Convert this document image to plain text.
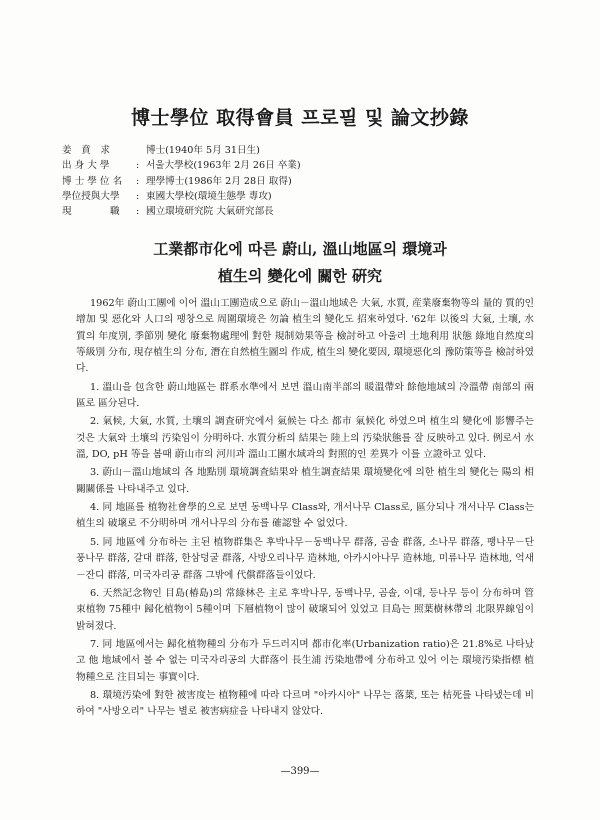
博士學位 取得會員 프로필 및 論文抄錄
姜　賁　求	博士(1940年 5月 31日生)
出 身 大 學	: 서울大學校(1963年 2月 26日 卒業)
博 士 學 位 名	: 理學博士(1986年 2月 28日 取得)
學位授與大學	: 東國大學校(環境生態學 專攻)
現　　　　職	: 國立環境研究院 大氣研究部長
工業都市化에 따른 蔚山, 溫山地區의 環境과
植生의 變化에 關한 硏究

1962年 蔚山工團에 이어 溫山工團造成으로 蔚山－溫山地域은 大氣, 水質, 産業廢棄物等의 量的 質的인 增加 및 惡化와 人口의 팽창으로 周圍環境은 勿論 植生의 變化도 招來하였다. '62年 以後의 大氣, 土壤, 水質의 年度別, 季節別 變化 廢棄物處理에 對한 規制効果等을 檢討하고 아울러 土地利用 狀態 綠地自然度의 等級別 分布, 現存植生의 分布, 潛在自然植生圖의 作成, 植生의 變化要因, 環境惡化의 豫防策等을 檢討하였다.

1. 溫山을 包含한 蔚山地區는 群系水準에서 보면 溫山南半部의 暖溫帶와 餘他地域의 冷溫帶 南部의 兩區로 區分된다.

2. 氣候, 大氣, 水質, 土壤의 調査研究에서 氣候는 다소 都市 氣候化 하였으며 植生의 變化에 影響주는 것은 大氣와 土壤의 汚染임이 分明하다. 水質分析의 結果는 陸上의 汚染狀態를 잘 反映하고 있다. 例로서 水溫, DO, pH 等을 봄때 蔚山市의 河川과 溫山工團水域과의 對照的인 差異가 이를 立證하고 있다.

3. 蔚山－溫山地域의 各 地點別 環境調査結果와 植生調査結果 環境變化에 의한 植生의 變化는 陽의 相關關係를 나타내주고 있다.

4. 同 地區를 植物社會學的으로 보면 동백나무 Class와, 개서나무 Class로, 區分되나 개서나무 Class는 植生의 破壞로 不分明하며 개서나무의 分布를 確認할 수 없었다.

5. 同 地區에 分布하는 主된 植物群集은 후박나무－동백나무 群落, 곰솔 群落, 소나무 群落, 팽나무－단풍나무 群落, 갈대 群落, 한삼덩굴 群落, 사방오리나무 造林地, 아카시아나무 造林地, 미류나무 造林地, 억새－잔디 群落, 미국자리공 群落 그밖에 代償群落들이었다.

6. 天然記念物인 目島(椿島)의 常綠林은 主로 후박나무, 동백나무, 곰솔, 이대, 등나무 등이 分布하며 管束植物 75種中 歸化植物이 5種이며 下層植物이 많이 破壞되어 있었고 目島는 照葉樹林帶의 北限界線임이 밝혀졌다.

7. 同 地區에서는 歸化植物種의 分布가 두드러지며 都市化率(Urbanization ratio)은 21.8%로 나타났고 他 地域에서 볼 수 없는 미국자리공의 大群落이 長生浦 汚染地帶에 分布하고 있어 이는 環境汚染指標 植物種으로 注目되는 事實이다.

8. 環境汚染에 對한 被害度는 植物種에 따라 다르며 "아카시아" 나무는 落葉, 또는 枯死를 나타냈는데 비하여 "사방오리" 나무는 별로 被害病症을 나타내지 않았다.

—399—
